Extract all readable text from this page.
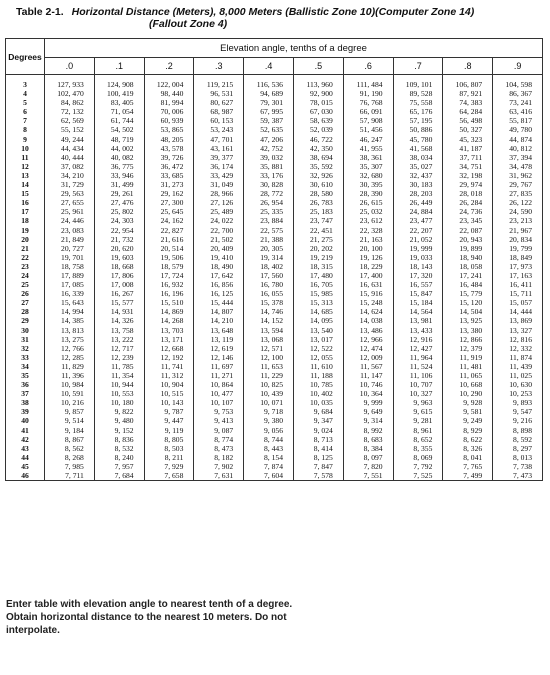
Table 2-1. Horizontal Distance (Meters), 8,000 Meters (Ballistic Zone 10)(Computer Zone 14)
(Fallout Zone 4)
Degrees	Elevation angle, tenths of a degree									
	.0	.1	.2	.3	.4	.5	.6	.7	.8	.9

3	127, 933	124, 908	122, 004	119, 215	116, 536	113, 960	111, 484	109, 101	106, 807	104, 598
4	102, 470	100, 419	98, 440	96, 531	94, 689	92, 900	91, 190	89, 528	87, 921	86, 367
5	84, 862	83, 405	81, 994	80, 627	79, 301	78, 015	76, 768	75, 558	74, 383	73, 241
6	72, 132	71, 054	70, 006	68, 987	67, 995	67, 030	66, 091	65, 176	64, 284	63, 416
7	62, 569	61, 744	60, 939	60, 153	59, 387	58, 639	57, 908	57, 195	56, 498	55, 817
8	55, 152	54, 502	53, 865	53, 243	52, 635	52, 039	51, 456	50, 886	50, 327	49, 780
9	49, 244	48, 719	48, 205	47, 701	47, 206	46, 722	46, 247	45, 780	45, 323	44, 874
10	44, 434	44, 002	43, 578	43, 161	42, 752	42, 350	41, 955	41, 568	41, 187	40, 812
11	40, 444	40, 082	39, 726	39, 377	39, 032	38, 694	38, 361	38, 034	37, 711	37, 394
12	37, 082	36, 775	36, 472	36, 174	35, 881	35, 592	35, 307	35, 027	34, 751	34, 478
13	34, 210	33, 946	33, 685	33, 429	33, 176	32, 926	32, 680	32, 437	32, 198	31, 962
14	31, 729	31, 499	31, 273	31, 049	30, 828	30, 610	30, 395	30, 183	29, 974	29, 767
15	29, 563	29, 261	29, 162	28, 966	28, 772	28, 580	28, 390	28, 203	28, 018	27, 835
16	27, 655	27, 476	27, 300	27, 126	26, 954	26, 783	26, 615	26, 449	26, 284	26, 122
17	25, 961	25, 802	25, 645	25, 489	25, 335	25, 183	25, 032	24, 884	24, 736	24, 590
18	24, 446	24, 303	24, 162	24, 022	23, 884	23, 747	23, 612	23, 477	23, 345	23, 213
19	23, 083	22, 954	22, 827	22, 700	22, 575	22, 451	22, 328	22, 207	22, 087	21, 967
20	21, 849	21, 732	21, 616	21, 502	21, 388	21, 275	21, 163	21, 052	20, 943	20, 834
21	20, 727	20, 620	20, 514	20, 409	20, 305	20, 202	20, 100	19, 999	19, 899	19, 799
22	19, 701	19, 603	19, 506	19, 410	19, 314	19, 219	19, 126	19, 033	18, 940	18, 849
23	18, 758	18, 668	18, 579	18, 490	18, 402	18, 315	18, 229	18, 143	18, 058	17, 973
24	17, 889	17, 806	17, 724	17, 642	17, 560	17, 480	17, 400	17, 320	17, 241	17, 163
25	17, 085	17, 008	16, 932	16, 856	16, 780	16, 705	16, 631	16, 557	16, 484	16, 411
26	16, 339	16, 267	16, 196	16, 125	16, 055	15, 985	15, 916	15, 847	15, 779	15, 711
27	15, 643	15, 577	15, 510	15, 444	15, 378	15, 313	15, 248	15, 184	15, 120	15, 057
28	14, 994	14, 931	14, 869	14, 807	14, 746	14, 685	14, 624	14, 564	14, 504	14, 444
29	14, 385	14, 326	14, 268	14, 210	14, 152	14, 095	14, 038	13, 981	13, 925	13, 869
30	13, 813	13, 758	13, 703	13, 648	13, 594	13, 540	13, 486	13, 433	13, 380	13, 327
31	13, 275	13, 222	13, 171	13, 119	13, 068	13, 017	12, 966	12, 916	12, 866	12, 816
32	12, 766	12, 717	12, 668	12, 619	12, 571	12, 522	12, 474	12, 427	12, 379	12, 332
33	12, 285	12, 239	12, 192	12, 146	12, 100	12, 055	12, 009	11, 964	11, 919	11, 874
34	11, 829	11, 785	11, 741	11, 697	11, 653	11, 610	11, 567	11, 524	11, 481	11, 439
35	11, 396	11, 354	11, 312	11, 271	11, 229	11, 188	11, 147	11, 106	11, 065	11, 025
36	10, 984	10, 944	10, 904	10, 864	10, 825	10, 785	10, 746	10, 707	10, 668	10, 630
37	10, 591	10, 553	10, 515	10, 477	10, 439	10, 402	10, 364	10, 327	10, 290	10, 253
38	10, 216	10, 180	10, 143	10, 107	10, 071	10, 035	9, 999	9, 963	9, 928	9, 893
39	9, 857	9, 822	9, 787	9, 753	9, 718	9, 684	9, 649	9, 615	9, 581	9, 547
40	9, 514	9, 480	9, 447	9, 413	9, 380	9, 347	9, 314	9, 281	9, 249	9, 216
41	9, 184	9, 152	9, 119	9, 087	9, 056	9, 024	8, 992	8, 961	8, 929	8, 898
42	8, 867	8, 836	8, 805	8, 774	8, 744	8, 713	8, 683	8, 652	8, 622	8, 592
43	8, 562	8, 532	8, 503	8, 473	8, 443	8, 414	8, 384	8, 355	8, 326	8, 297
44	8, 268	8, 240	8, 211	8, 182	8, 154	8, 125	8, 097	8, 069	8, 041	8, 013
45	7, 985	7, 957	7, 929	7, 902	7, 874	7, 847	7, 820	7, 792	7, 765	7, 738
46	7, 711	7, 684	7, 658	7, 631	7, 604	7, 578	7, 551	7, 525	7, 499	7, 473
Enter table with elevation angle to nearest tenth of a degree. Obtain horizontal distance to the nearest 10 meters. Do not interpolate.
